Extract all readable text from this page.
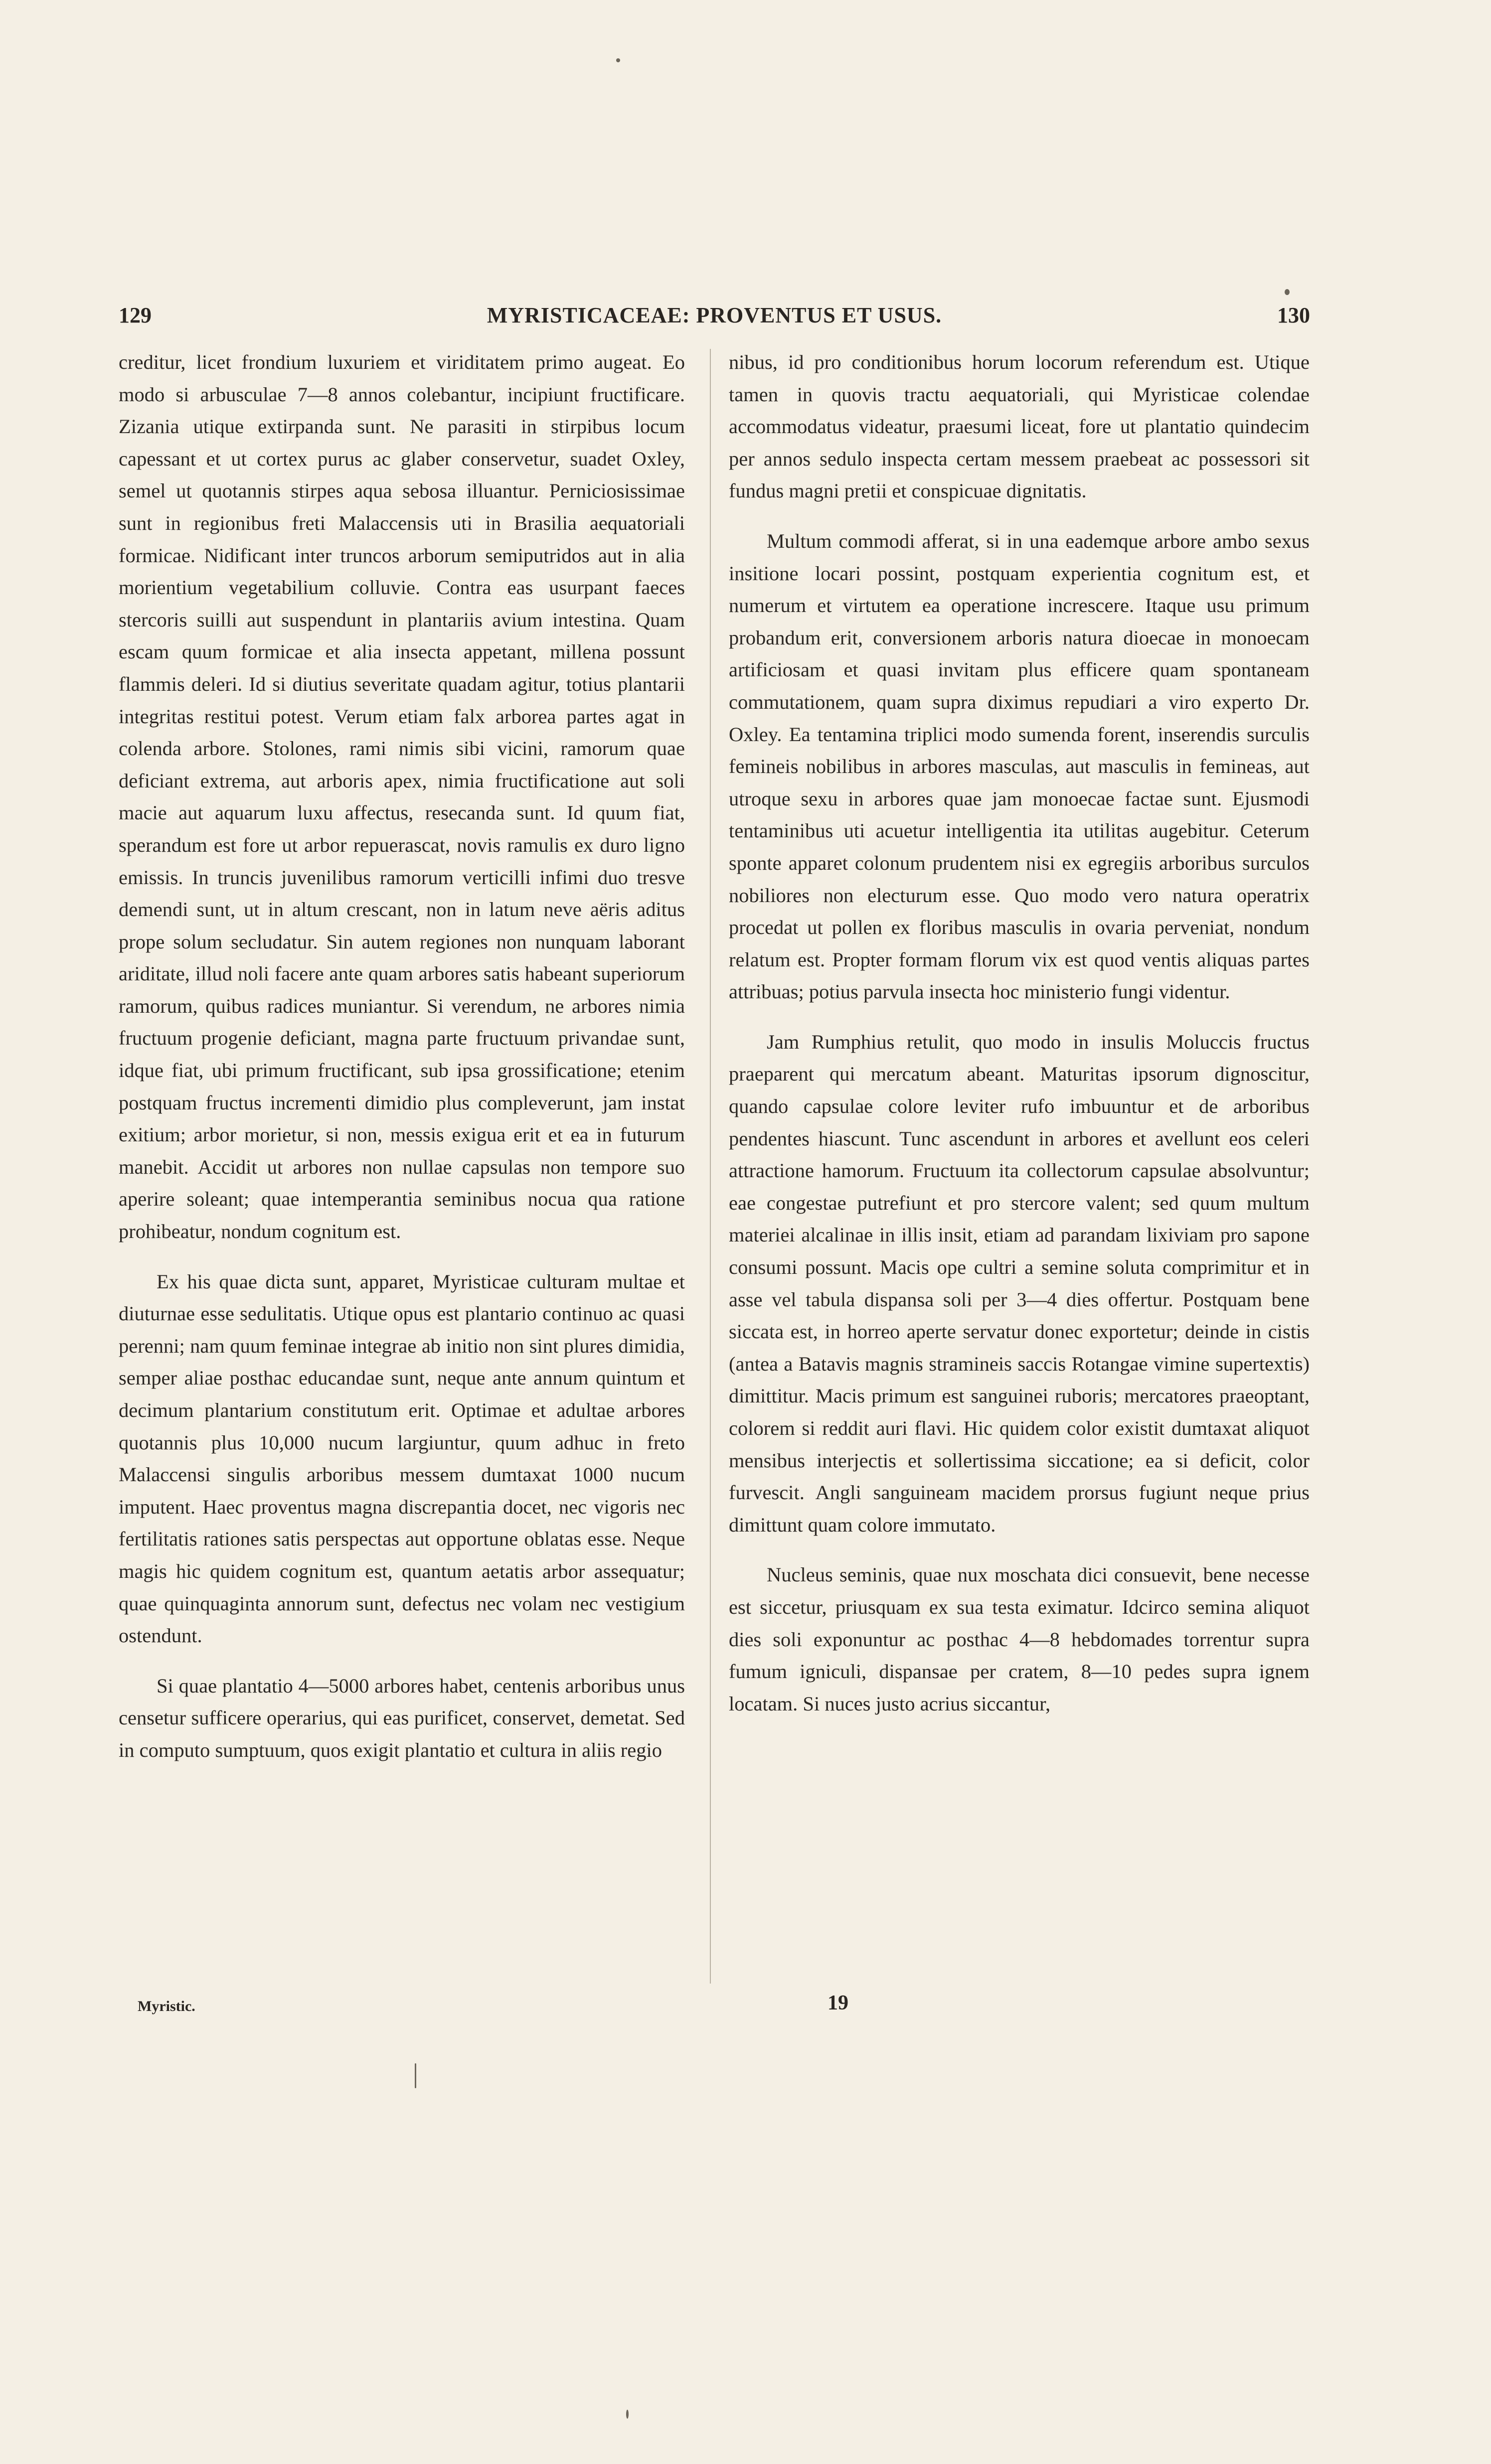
129	MYRISTICACEAE: PROVENTUS ET USUS.	130

creditur, licet frondium luxuriem et viriditatem primo augeat. Eo modo si arbusculae 7—8 annos colebantur, incipiunt fructificare. Zizania utique extirpanda sunt. Ne parasiti in stirpibus locum capessant et ut cortex purus ac glaber conservetur, suadet Oxley, semel ut quotannis stirpes aqua sebosa illuantur. Perniciosissimae sunt in regionibus freti Malaccensis uti in Brasilia aequatoriali formicae. Nidificant inter truncos arborum semiputridos aut in alia morientium vegetabilium colluvie. Contra eas usurpant faeces stercoris suilli aut suspendunt in plantariis avium intestina. Quam escam quum formicae et alia insecta appetant, millena possunt flammis deleri. Id si diutius severitate quadam agitur, totius plantarii integritas restitui potest. Verum etiam falx arborea partes agat in colenda arbore. Stolones, rami nimis sibi vicini, ramorum quae deficiant extrema, aut arboris apex, nimia fructificatione aut soli macie aut aquarum luxu affectus, resecanda sunt. Id quum fiat, sperandum est fore ut arbor repuerascat, novis ramulis ex duro ligno emissis. In truncis juvenilibus ramorum verticilli infimi duo tresve demendi sunt, ut in altum crescant, non in latum neve aëris aditus prope solum secludatur. Sin autem regiones non nunquam laborant ariditate, illud noli facere ante quam arbores satis habeant superiorum ramorum, quibus radices muniantur. Si verendum, ne arbores nimia fructuum progenie deficiant, magna parte fructuum privandae sunt, idque fiat, ubi primum fructificant, sub ipsa grossificatione; etenim postquam fructus incrementi dimidio plus compleverunt, jam instat exitium; arbor morietur, si non, messis exigua erit et ea in futurum manebit. Accidit ut arbores non nullae capsulas non tempore suo aperire soleant; quae intemperantia seminibus nocua qua ratione prohibeatur, nondum cognitum est.

Ex his quae dicta sunt, apparet, Myristicae culturam multae et diuturnae esse sedulitatis. Utique opus est plantario continuo ac quasi perenni; nam quum feminae integrae ab initio non sint plures dimidia, semper aliae posthac educandae sunt, neque ante annum quintum et decimum plantarium constitutum erit. Optimae et adultae arbores quotannis plus 10,000 nucum largiuntur, quum adhuc in freto Malaccensi singulis arboribus messem dumtaxat 1000 nucum imputent. Haec proventus magna discrepantia docet, nec vigoris nec fertilitatis rationes satis perspectas aut opportune oblatas esse. Neque magis hic quidem cognitum est, quantum aetatis arbor assequatur; quae quinquaginta annorum sunt, defectus nec volam nec vestigium ostendunt.

Si quae plantatio 4—5000 arbores habet, centenis arboribus unus censetur sufficere operarius, qui eas purificet, conservet, demetat. Sed in computo sumptuum, quos exigit plantatio et cultura in aliis regio

nibus, id pro conditionibus horum locorum referendum est. Utique tamen in quovis tractu aequatoriali, qui Myristicae colendae accommodatus videatur, praesumi liceat, fore ut plantatio quindecim per annos sedulo inspecta certam messem praebeat ac possessori sit fundus magni pretii et conspicuae dignitatis.

Multum commodi afferat, si in una eademque arbore ambo sexus insitione locari possint, postquam experientia cognitum est, et numerum et virtutem ea operatione increscere. Itaque usu primum probandum erit, conversionem arboris natura dioecae in monoecam artificiosam et quasi invitam plus efficere quam spontaneam commutationem, quam supra diximus repudiari a viro experto Dr. Oxley. Ea tentamina triplici modo sumenda forent, inserendis surculis femineis nobilibus in arbores masculas, aut masculis in femineas, aut utroque sexu in arbores quae jam monoecae factae sunt. Ejusmodi tentaminibus uti acuetur intelligentia ita utilitas augebitur. Ceterum sponte apparet colonum prudentem nisi ex egregiis arboribus surculos nobiliores non electurum esse. Quo modo vero natura operatrix procedat ut pollen ex floribus masculis in ovaria perveniat, nondum relatum est. Propter formam florum vix est quod ventis aliquas partes attribuas; potius parvula insecta hoc ministerio fungi videntur.

Jam Rumphius retulit, quo modo in insulis Moluccis fructus praeparent qui mercatum abeant. Maturitas ipsorum dignoscitur, quando capsulae colore leviter rufo imbuuntur et de arboribus pendentes hiascunt. Tunc ascendunt in arbores et avellunt eos celeri attractione hamorum. Fructuum ita collectorum capsulae absolvuntur; eae congestae putrefiunt et pro stercore valent; sed quum multum materiei alcalinae in illis insit, etiam ad parandam lixiviam pro sapone consumi possunt. Macis ope cultri a semine soluta comprimitur et in asse vel tabula dispansa soli per 3—4 dies offertur. Postquam bene siccata est, in horreo aperte servatur donec exportetur; deinde in cistis (antea a Batavis magnis stramineis saccis Rotangae vimine supertextis) dimittitur. Macis primum est sanguinei ruboris; mercatores praeoptant, colorem si reddit auri flavi. Hic quidem color existit dumtaxat aliquot mensibus interjectis et sollertissima siccatione; ea si deficit, color furvescit. Angli sanguineam macidem prorsus fugiunt neque prius dimittunt quam colore immutato.

Nucleus seminis, quae nux moschata dici consuevit, bene necesse est siccetur, priusquam ex sua testa eximatur. Idcirco semina aliquot dies soli exponuntur ac posthac 4—8 hebdomades torrentur supra fumum igniculi, dispansae per cratem, 8—10 pedes supra ignem locatam. Si nuces justo acrius siccantur,

Myristic.	19
